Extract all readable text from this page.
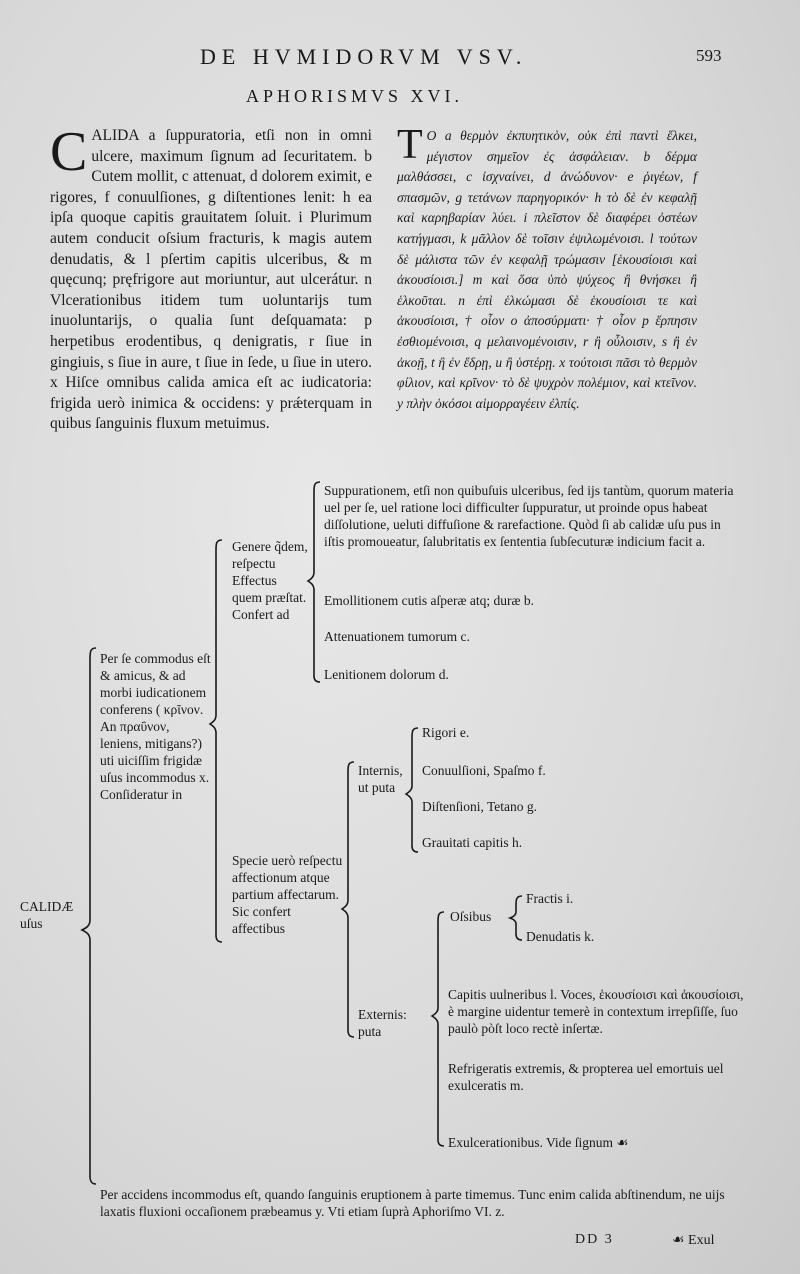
DE HVMIDORVM VSV.	593
APHORISMVS XVI.
C ALIDA a ſuppuratoria, etſi non in omni ulcere, maximum ſignum ad ſecuritatem. b Cutem mollit, c attenuat, d dolorem eximit, e rigores, f conuulſiones, g diſtentiones lenit: h ea ipſa quoque capitis grauitatem ſoluit. i Plurimum autem conducit oſsium fracturis, k magis autem denudatis, & l pſertim capitis ulceribus, & m quęcunq; pręfrigore aut moriuntur, aut ulcerátur. n Vlcerationibus itidem tum uoluntarijs tum inuoluntarijs, o qualia ſunt deſquamata: p herpetibus erodentibus, q denigratis, r ſiue in gingiuis, s ſiue in aure, t ſiue in ſede, u ſiue in utero. x Hiſce omnibus calida amica eſt ac iudicatoria: frigida uerò inimica & occidens: y prǽterquam in quibus ſanguinis fluxum metuimus.
Τ Ο a θερμὸν ἐκπυητικὸν, οὐκ ἐπὶ παντὶ ἕλκει, μέγιστον σημεῖον ἐς ἀσφάλειαν. b δέρμα μαλθάσσει, c ἰσχναίνει, d ἀνώδυνον· e ῥιγέων, f σπασμῶν, g τετάνων παρηγορικόν· h τὸ δὲ ἐν κεφαλῇ καὶ καρηβαρίαν λύει. i πλεῖστον δὲ διαφέρει ὀστέων κατήγμασι, k μᾶλλον δὲ τοῖσιν ἐψιλωμένοισι. l τούτων δὲ μάλιστα τῶν ἐν κεφαλῇ τρώμασιν [ἑκουσίοισι καὶ ἀκουσίοισι.] m καὶ ὅσα ὑπὸ ψύχεος ἢ θνήσκει ἢ ἑλκοῦται. n ἐπὶ ἑλκώμασι δὲ ἑκουσίοισι τε καὶ ἀκουσίοισι, † οἷον o ἀποσύρματι· † οἷον p ἕρπησιν ἐσθιομένοισι, q μελαινομένοισιν, r ἢ οὖλοισιν, s ἢ ἐν ἀκοῇ, t ἢ ἐν ἕδρῃ, u ἢ ὑστέρῃ. x τούτοισι πᾶσι τὸ θερμὸν φίλιον, καὶ κρῖνον· τὸ δὲ ψυχρὸν πολέμιον, καὶ κτεῖνον. y πλὴν ὁκόσοι αἱμορραγέειν ἐλπίς.
CALIDÆ uſus
Per ſe commodus eſt & amicus, & ad morbi iudicationem conferens ( κρῖνον. An πραΰνον, leniens, mitigans?) uti uiciſſim frigidæ uſus incommodus x. Conſideratur in
Genere q̃dem, reſpectu Effectus quem præſtat. Confert ad
Suppurationem, etſi non quibuſuis ulceribus, ſed ijs tantùm, quorum materia uel per ſe, uel ratione loci difficulter ſuppuratur, ut proinde opus habeat diſſolutione, ueluti diffuſione & rarefactione. Quòd ſi ab calidæ uſu pus in iſtis promoueatur, ſalubritatis ex ſententia ſubſecuturæ indicium facit a.
Emollitionem cutis aſperæ atq; duræ b.
Attenuationem tumorum c.
Lenitionem dolorum d.
Specie uerò reſpectu affectionum atque partium affectarum. Sic confert affectibus
Internis, ut puta
Rigori e.
Conuulſioni, Spaſmo f.
Diſtenſioni, Tetano g.
Grauitati capitis h.
Externis: puta
Oſsibus
Fractis i.
Denudatis k.
Capitis uulneribus l. Voces, ἑκουσίοισι καὶ ἀκουσίοισι, è margine uidentur temerè in contextum irrepſiſſe, ſuo paulò pòſt loco rectè inſertæ.
Refrigeratis extremis, & propterea uel emortuis uel exulceratis m.
Exulcerationibus. Vide ſignum ☙
Per accidens incommodus eſt, quando ſanguinis eruptionem à parte timemus. Tunc enim calida abſtinendum, ne uijs laxatis fluxioni occaſionem præbeamus y. Vti etiam ſuprà Aphoriſmo VI. z.
DD 3	☙ Exul
